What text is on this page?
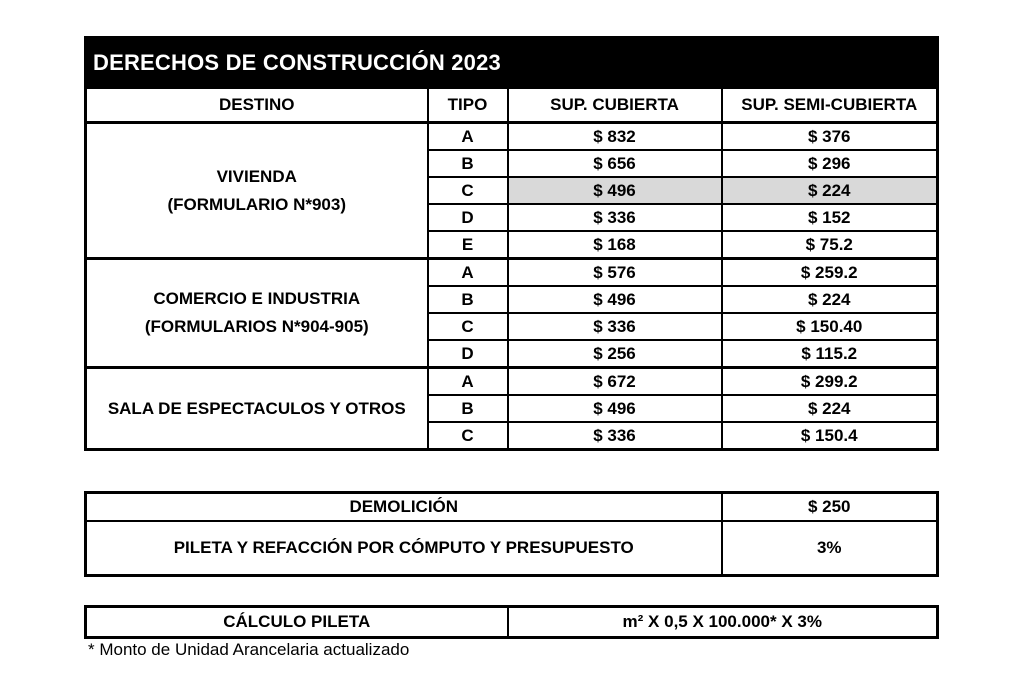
DERECHOS DE CONSTRUCCIÓN 2023			
DESTINO	TIPO	SUP. CUBIERTA	SUP. SEMI-CUBIERTA

VIVIENDA
(FORMULARIO N*903)	A	$ 832	$ 376
	B	$ 656	$ 296
	C	$ 496	$ 224
	D	$ 336	$ 152
	E	$ 168	$ 75.2

COMERCIO E INDUSTRIA
(FORMULARIOS N*904-905)	A	$ 576	$ 259.2
	B	$ 496	$ 224
	C	$ 336	$ 150.40
	D	$ 256	$ 115.2

SALA DE ESPECTACULOS Y OTROS	A	$ 672	$ 299.2
	B	$ 496	$ 224
	C	$ 336	$ 150.4
DEMOLICIÓN	$ 250
PILETA Y REFACCIÓN POR CÓMPUTO Y PRESUPUESTO	3%
CÁLCULO PILETA	m² X 0,5 X 100.000* X 3%
* Monto de Unidad Arancelaria actualizado
